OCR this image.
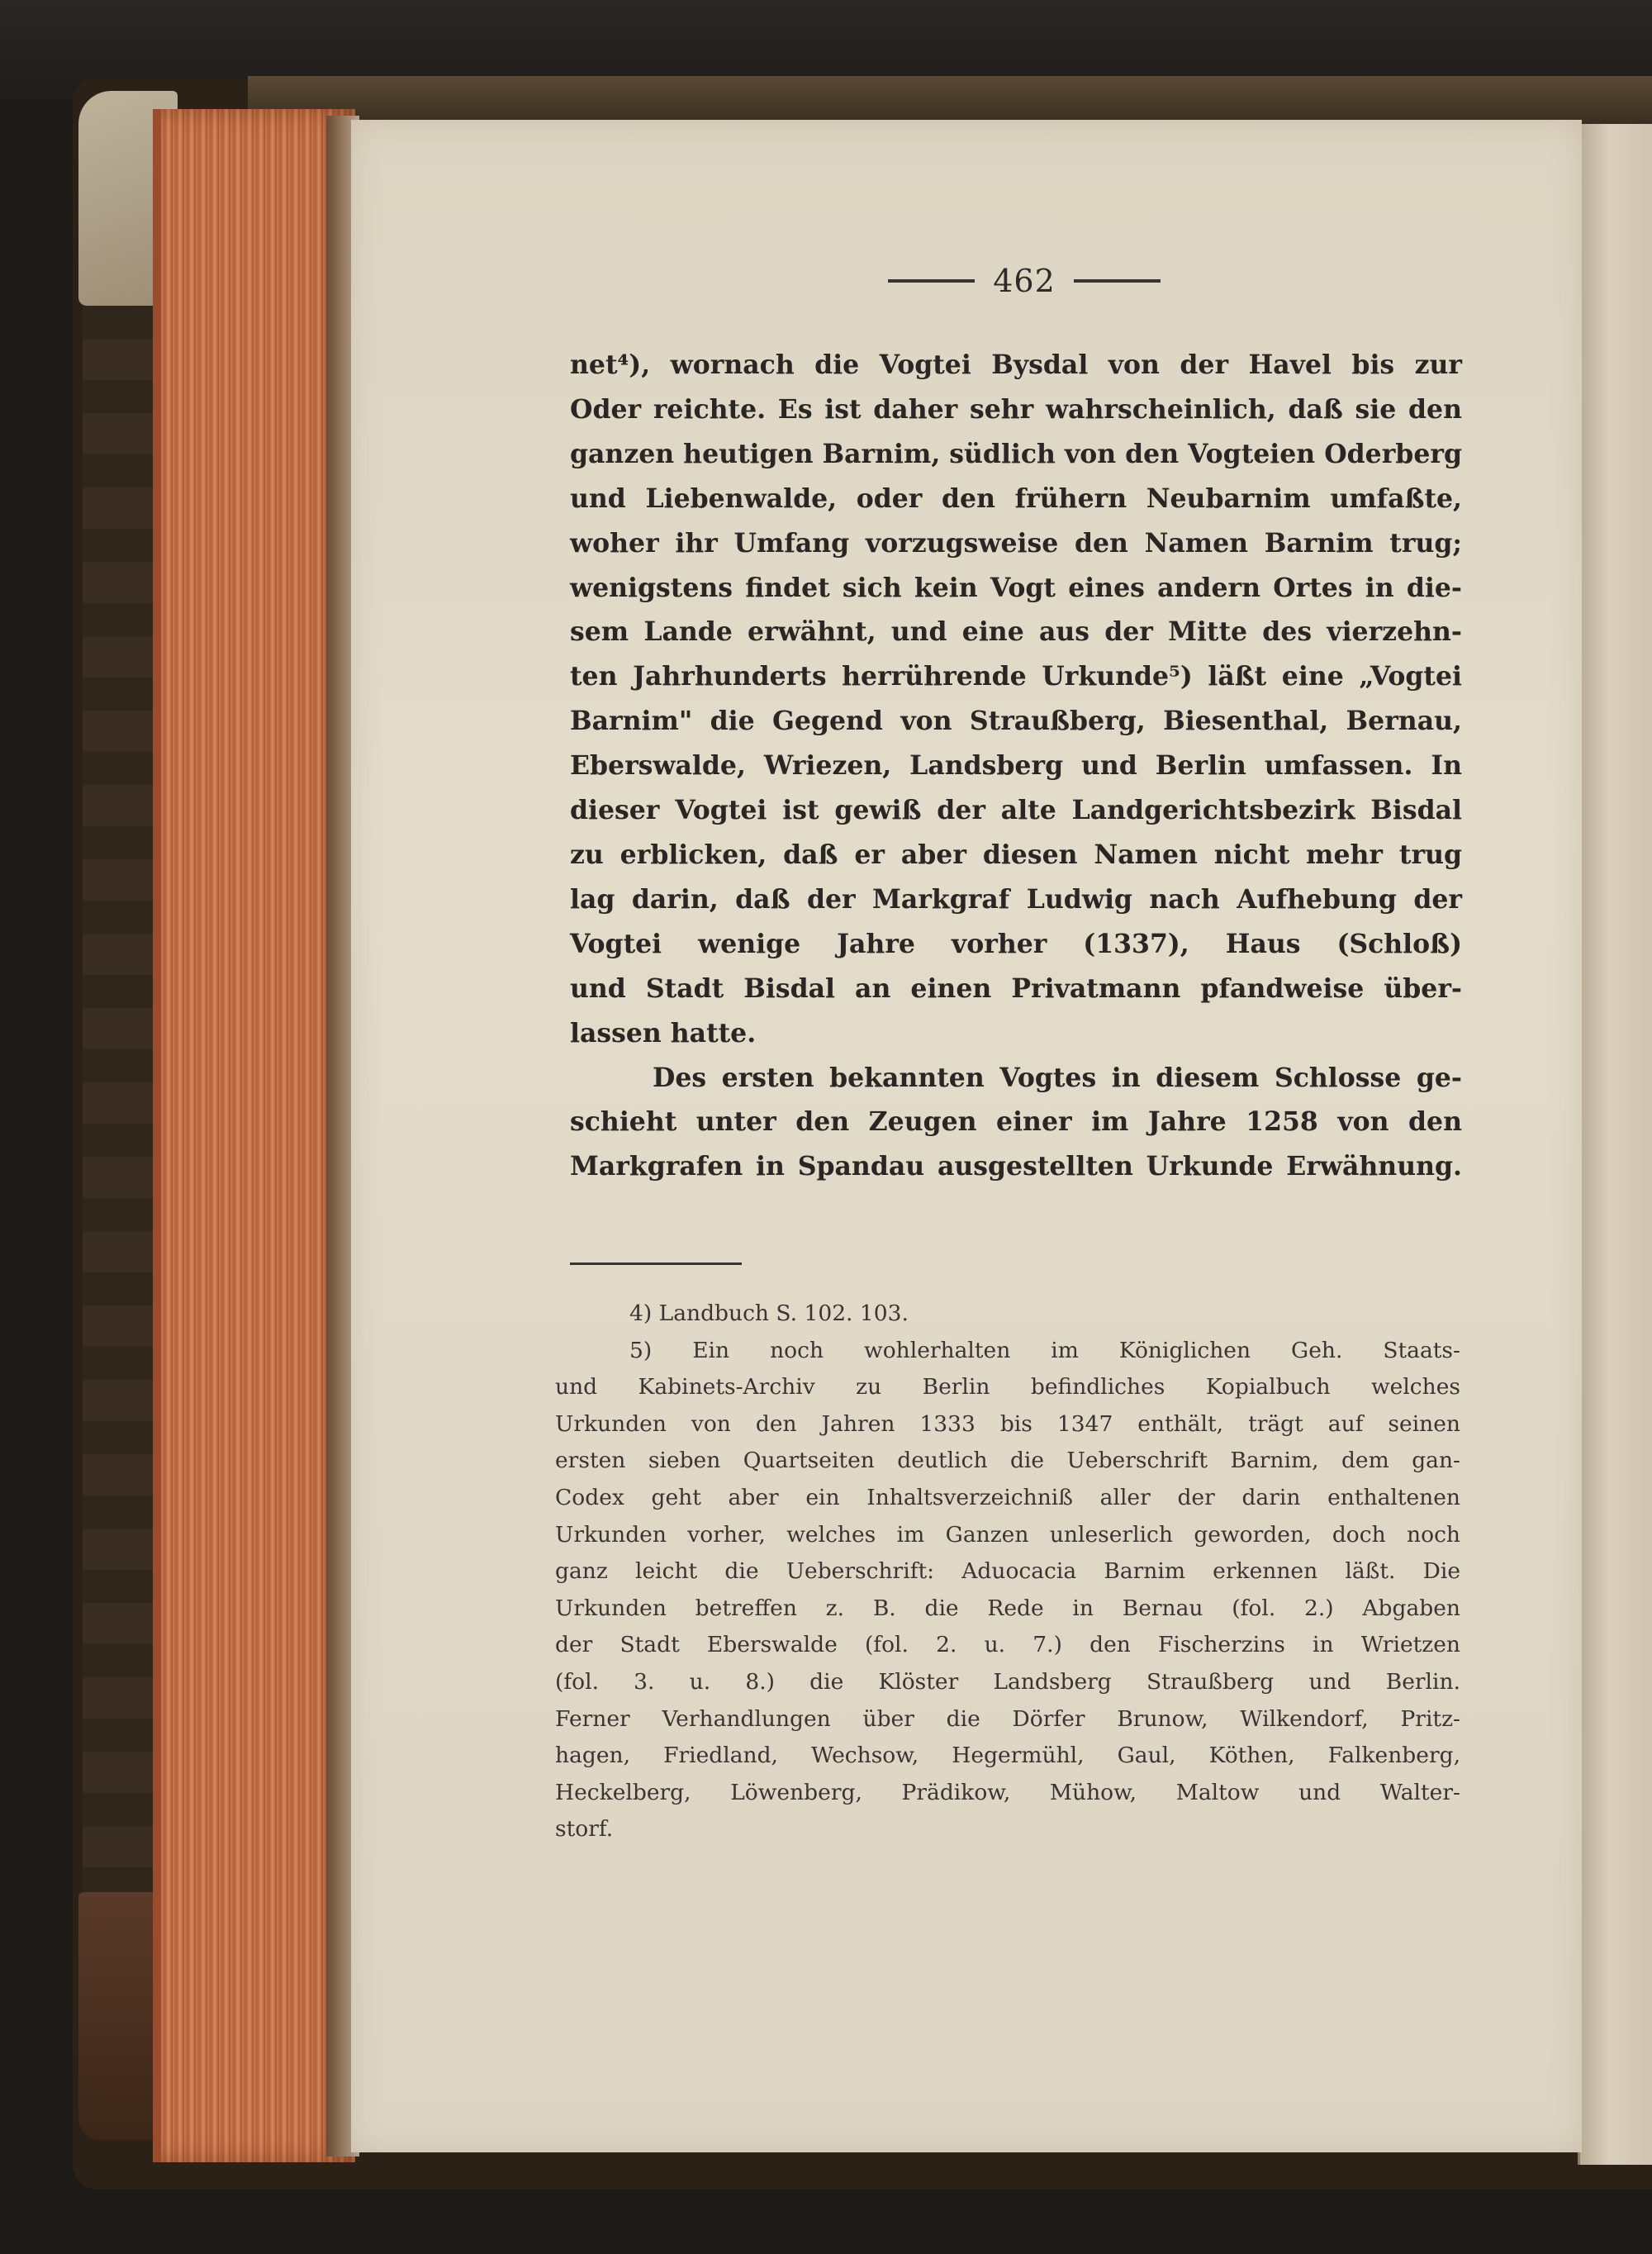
462
net⁴), wornach die Vogtei Bysdal von der Havel bis zur
Oder reichte. Es ist daher sehr wahrscheinlich, daß sie den
ganzen heutigen Barnim, südlich von den Vogteien Oderberg
und Liebenwalde, oder den frühern Neubarnim umfaßte,
woher ihr Umfang vorzugsweise den Namen Barnim trug;
wenigstens findet sich kein Vogt eines andern Ortes in die-
sem Lande erwähnt, und eine aus der Mitte des vierzehn-
ten Jahrhunderts herrührende Urkunde⁵) läßt eine „Vogtei
Barnim" die Gegend von Straußberg, Biesenthal, Bernau,
Eberswalde, Wriezen, Landsberg und Berlin umfassen. In
dieser Vogtei ist gewiß der alte Landgerichtsbezirk Bisdal
zu erblicken, daß er aber diesen Namen nicht mehr trug
lag darin, daß der Markgraf Ludwig nach Aufhebung der
Vogtei wenige Jahre vorher (1337), Haus (Schloß)
und Stadt Bisdal an einen Privatmann pfandweise über-
lassen hatte.
Des ersten bekannten Vogtes in diesem Schlosse ge-
schieht unter den Zeugen einer im Jahre 1258 von den
Markgrafen in Spandau ausgestellten Urkunde Erwähnung.
4) Landbuch S. 102. 103.
5) Ein noch wohlerhalten im Königlichen Geh. Staats-
und Kabinets-Archiv zu Berlin befindliches Kopialbuch welches
Urkunden von den Jahren 1333 bis 1347 enthält, trägt auf seinen
ersten sieben Quartseiten deutlich die Ueberschrift Barnim, dem gan-
Codex geht aber ein Inhaltsverzeichniß aller der darin enthaltenen
Urkunden vorher, welches im Ganzen unleserlich geworden, doch noch
ganz leicht die Ueberschrift: Aduocacia Barnim erkennen läßt. Die
Urkunden betreffen z. B. die Rede in Bernau (fol. 2.) Abgaben
der Stadt Eberswalde (fol. 2. u. 7.) den Fischerzins in Wrietzen
(fol. 3. u. 8.) die Klöster Landsberg Straußberg und Berlin.
Ferner Verhandlungen über die Dörfer Brunow, Wilkendorf, Pritz-
hagen, Friedland, Wechsow, Hegermühl, Gaul, Köthen, Falkenberg,
Heckelberg, Löwenberg, Prädikow, Mühow, Maltow und Walter-
storf.
